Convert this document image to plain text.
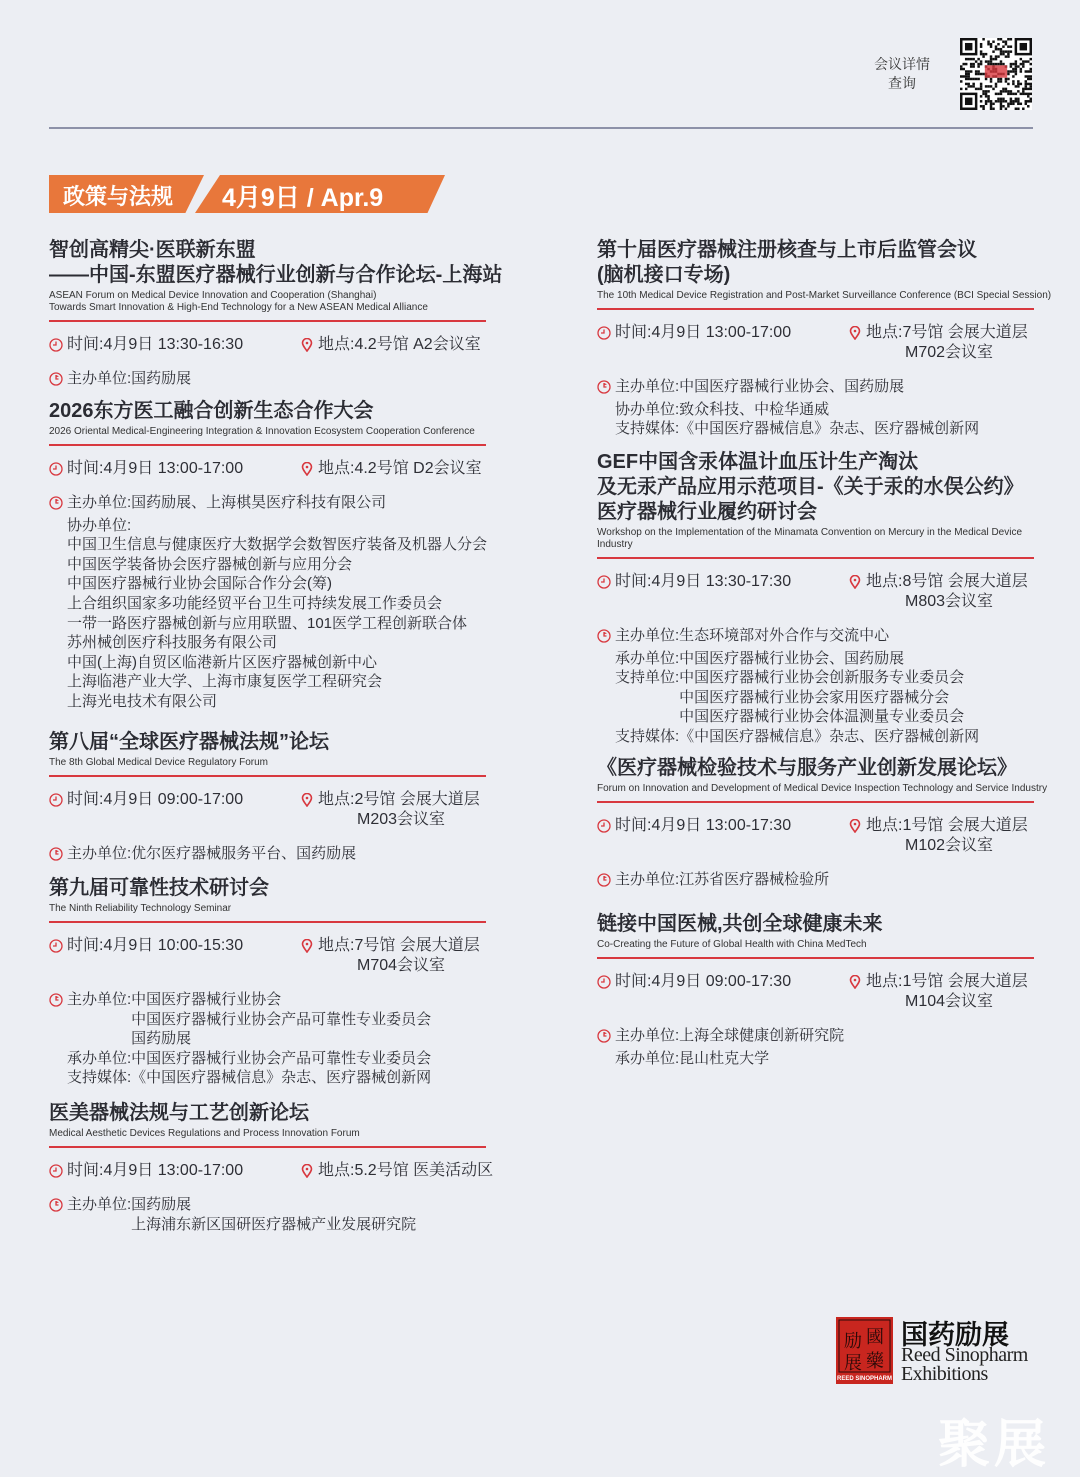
会议详情
查询
政策与法规 4月9日 / Apr.9
智创高精尖·医联新东盟
——中国-东盟医疗器械行业创新与合作论坛-上海站
ASEAN Forum on Medical Device Innovation and Cooperation (Shanghai)
Towards Smart Innovation & High-End Technology for a New ASEAN Medical Alliance
时间:4月9日 13:30-16:30	地点:4.2号馆 A2会议室
主办单位: 国药励展
2026东方医工融合创新生态合作大会
2026 Oriental Medical-Engineering Integration & Innovation Ecosystem Cooperation Conference
时间:4月9日 13:00-17:00	地点:4.2号馆 D2会议室
主办单位: 国药励展、上海棋昊医疗科技有限公司
协办单位:
中国卫生信息与健康医疗大数据学会数智医疗装备及机器人分会
中国医学装备协会医疗器械创新与应用分会
中国医疗器械行业协会国际合作分会(筹)
上合组织国家多功能经贸平台卫生可持续发展工作委员会
一带一路医疗器械创新与应用联盟、101医学工程创新联合体
苏州械创医疗科技服务有限公司
中国(上海)自贸区临港新片区医疗器械创新中心
上海临港产业大学、上海市康复医学工程研究会
上海光电技术有限公司
第八届“全球医疗器械法规”论坛
The 8th Global Medical Device Regulatory Forum
时间:4月9日 09:00-17:00	地点:2号馆 会展大道层
M203会议室
主办单位: 优尔医疗器械服务平台、国药励展
第九届可靠性技术研讨会
The Ninth Reliability Technology Seminar
时间:4月9日 10:00-15:30	地点:7号馆 会展大道层
M704会议室
主办单位: 中国医疗器械行业协会
中国医疗器械行业协会产品可靠性专业委员会
国药励展
承办单位: 中国医疗器械行业协会产品可靠性专业委员会
支持媒体: 《中国医疗器械信息》杂志、医疗器械创新网
医美器械法规与工艺创新论坛
Medical Aesthetic Devices Regulations and Process Innovation Forum
时间:4月9日 13:00-17:00	地点:5.2号馆 医美活动区
主办单位: 国药励展
上海浦东新区国研医疗器械产业发展研究院
第十届医疗器械注册核查与上市后监管会议
(脑机接口专场)
The 10th Medical Device Registration and Post-Market Surveillance Conference (BCI Special Session)
时间:4月9日 13:00-17:00	地点:7号馆 会展大道层
M702会议室
主办单位: 中国医疗器械行业协会、国药励展
协办单位: 致众科技、中检华通威
支持媒体: 《中国医疗器械信息》杂志、医疗器械创新网
GEF中国含汞体温计血压计生产淘汰
及无汞产品应用示范项目-《关于汞的水俣公约》
医疗器械行业履约研讨会
Workshop on the Implementation of the Minamata Convention on Mercury in the Medical Device Industry
时间:4月9日 13:30-17:30	地点:8号馆 会展大道层
M803会议室
主办单位: 生态环境部对外合作与交流中心
承办单位: 中国医疗器械行业协会、国药励展
支持单位: 中国医疗器械行业协会创新服务专业委员会
中国医疗器械行业协会家用医疗器械分会
中国医疗器械行业协会体温测量专业委员会
支持媒体: 《中国医疗器械信息》杂志、医疗器械创新网
《医疗器械检验技术与服务产业创新发展论坛》
Forum on Innovation and Development of Medical Device Inspection Technology and Service Industry
时间:4月9日 13:00-17:30	地点:1号馆 会展大道层
M102会议室
主办单位: 江苏省医疗器械检验所
链接中国医械,共创全球健康未来
Co-Creating the Future of Global Health with China MedTech
时间:4月9日 09:00-17:30	地点:1号馆 会展大道层
M104会议室
主办单位: 上海全球健康创新研究院
承办单位: 昆山杜克大学
励 國
藥
展
REED SINOPHARM
国药励展
Reed Sinopharm
Exhibitions
聚展
